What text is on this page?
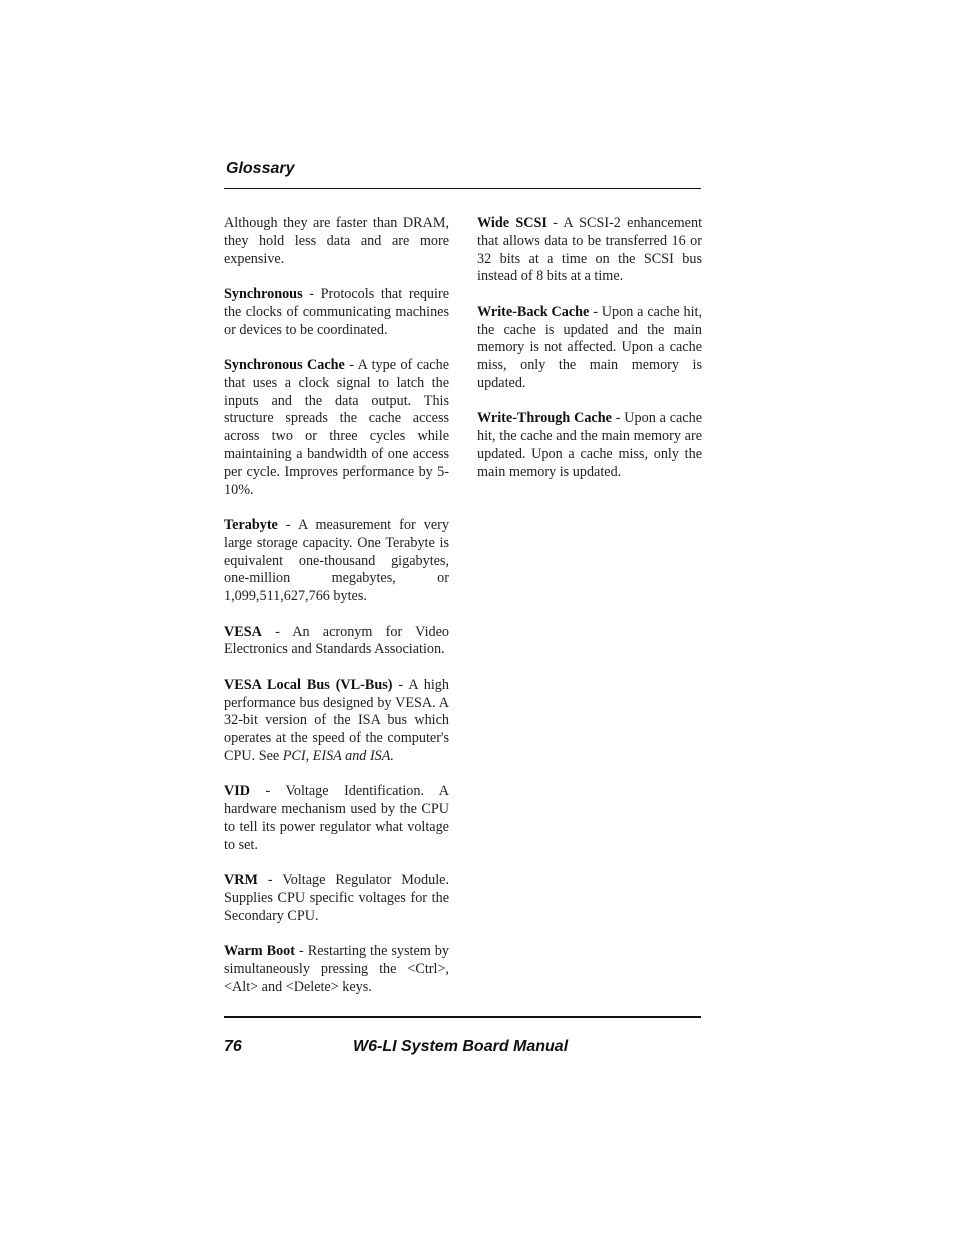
Glossary

Although they are faster than DRAM, they hold less data and are more expensive.

Synchronous - Protocols that require the clocks of communicating machines or devices to be coordinated.

Synchronous Cache - A type of cache that uses a clock signal to latch the inputs and the data output. This structure spreads the cache access across two or three cycles while maintaining a bandwidth of one access per cycle. Improves performance by 5-10%.

Terabyte - A measurement for very large storage capacity. One Terabyte is equivalent one-thousand gigabytes, one-million megabytes, or 1,099,511,627,766 bytes.

VESA - An acronym for Video Electronics and Standards Association.

VESA Local Bus (VL-Bus) - A high performance bus designed by VESA. A 32-bit version of the ISA bus which operates at the speed of the computer's CPU. See PCI, EISA and ISA.

VID - Voltage Identification. A hardware mechanism used by the CPU to tell its power regulator what voltage to set.

VRM - Voltage Regulator Module. Supplies CPU specific voltages for the Secondary CPU.

Warm Boot - Restarting the system by simultaneously pressing the <Ctrl>, <Alt> and <Delete> keys.

Wide SCSI - A SCSI-2 enhancement that allows data to be transferred 16 or 32 bits at a time on the SCSI bus instead of 8 bits at a time.

Write-Back Cache - Upon a cache hit, the cache is updated and the main memory is not affected. Upon a cache miss, only the main memory is updated.

Write-Through Cache - Upon a cache hit, the cache and the main memory are updated. Upon a cache miss, only the main memory is updated.

76	W6-LI System Board Manual
